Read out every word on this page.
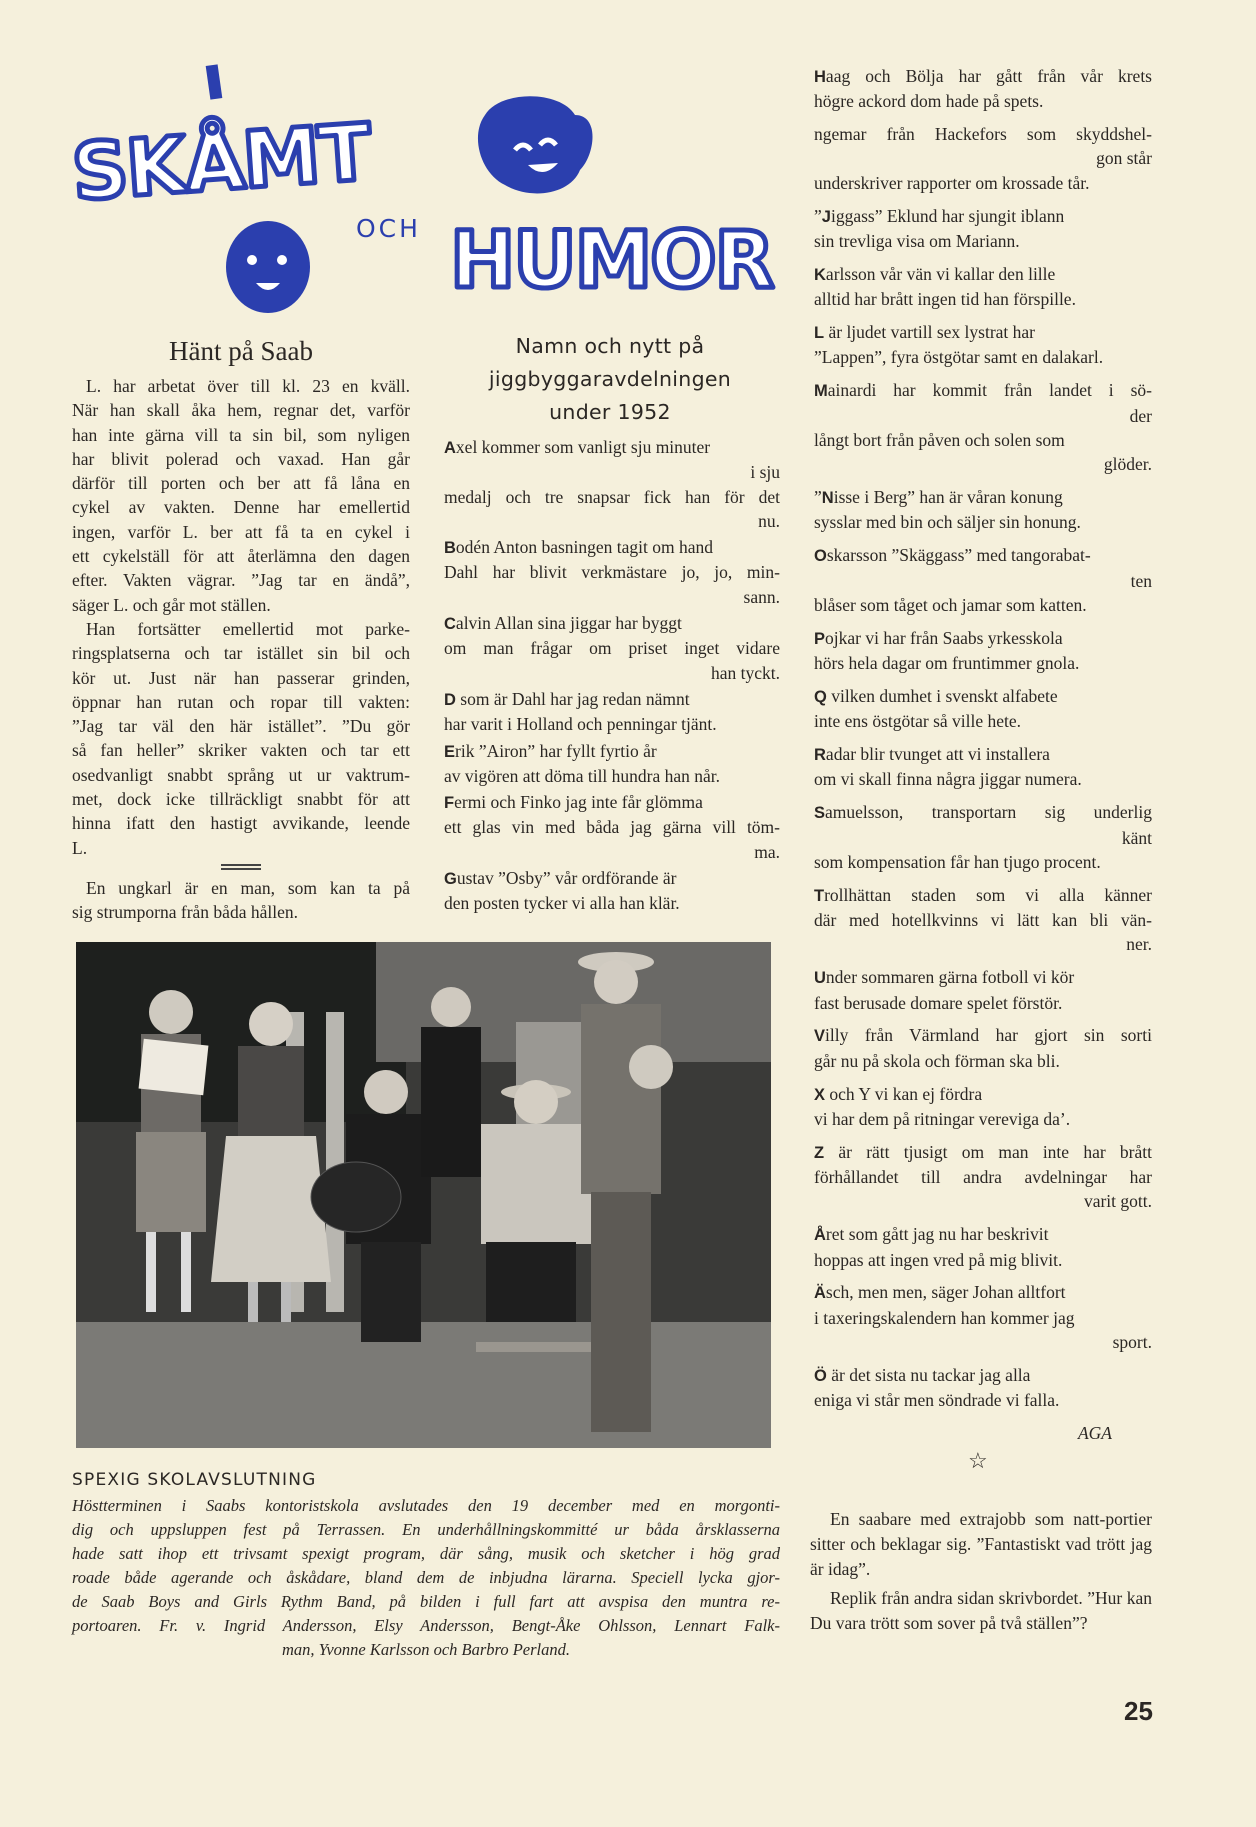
SKÅMT
HUMOR
OCH
Hänt på Saab
L. har arbetat över till kl. 23 en kväll.
När han skall åka hem, regnar det, varför
han inte gärna vill ta sin bil, som nyligen
har blivit polerad och vaxad. Han går
därför till porten och ber att få låna en
cykel av vakten. Denne har emellertid
ingen, varför L. ber att få ta en cykel i
ett cykelställ för att återlämna den dagen
efter. Vakten vägrar. ”Jag tar en ändå”,
säger L. och går mot ställen.
Han fortsätter emellertid mot parke-
ringsplatserna och tar istället sin bil och
kör ut. Just när han passerar grinden,
öppnar han rutan och ropar till vakten:
”Jag tar väl den här istället”. ”Du gör
så fan heller” skriker vakten och tar ett
osedvanligt snabbt språng ut ur vaktrum-
met, dock icke tillräckligt snabbt för att
hinna ifatt den hastigt avvikande, leende
L.
En ungkarl är en man, som kan ta på
sig strumporna från båda hållen.
Namn och nytt på
jiggbyggaravdelningen
under 1952
Axel kommer som vanligt sju minuter
i sju
medalj och tre snapsar fick han för det
nu.
Bodén Anton basningen tagit om hand
Dahl har blivit verkmästare jo, jo, min-
sann.
Calvin Allan sina jiggar har byggt
om man frågar om priset inget vidare
han tyckt.
D som är Dahl har jag redan nämnt
har varit i Holland och penningar tjänt.
Erik ”Airon” har fyllt fyrtio år
av vigören att döma till hundra han når.
Fermi och Finko jag inte får glömma
ett glas vin med båda jag gärna vill töm-
ma.
Gustav ”Osby” vår ordförande är
den posten tycker vi alla han klär.
Haag och Bölja har gått från vår krets
högre ackord dom hade på spets.
ngemar från Hackefors som skyddshel-
gon står
underskriver rapporter om krossade tår.
”Jiggass” Eklund har sjungit iblann
sin trevliga visa om Mariann.
Karlsson vår vän vi kallar den lille
alltid har brått ingen tid han förspille.
L är ljudet vartill sex lystrat har
”Lappen”, fyra östgötar samt en dalakarl.
Mainardi har kommit från landet i sö-
der
långt bort från påven och solen som
glöder.
”Nisse i Berg” han är våran konung
sysslar med bin och säljer sin honung.
Oskarsson ”Skäggass” med tangorabat-
ten
blåser som tåget och jamar som katten.
Pojkar vi har från Saabs yrkesskola
hörs hela dagar om fruntimmer gnola.
Q vilken dumhet i svenskt alfabete
inte ens östgötar så ville hete.
Radar blir tvunget att vi installera
om vi skall finna några jiggar numera.
Samuelsson, transportarn sig underlig
känt
som kompensation får han tjugo procent.
Trollhättan staden som vi alla känner
där med hotellkvinns vi lätt kan bli vän-
ner.
Under sommaren gärna fotboll vi kör
fast berusade domare spelet förstör.
Villy från Värmland har gjort sin sorti
går nu på skola och förman ska bli.
X och Y vi kan ej fördra
vi har dem på ritningar vereviga da’.
Z är rätt tjusigt om man inte har brått
förhållandet till andra avdelningar har
varit gott.
Året som gått jag nu har beskrivit
hoppas att ingen vred på mig blivit.
Äsch, men men, säger Johan alltfort
i taxeringskalendern han kommer jag
sport.
Ö är det sista nu tackar jag alla
eniga vi står men söndrade vi falla.
AGA
SPEXIG SKOLAVSLUTNING
Höstterminen i Saabs kontoristskola avslutades den 19 december med en morgonti-
dig och uppsluppen fest på Terrassen. En underhållningskommitté ur båda årsklasserna
hade satt ihop ett trivsamt spexigt program, där sång, musik och sketcher i hög grad
roade både agerande och åskådare, bland dem de inbjudna lärarna. Speciell lycka gjor-
de Saab Boys and Girls Rythm Band, på bilden i full fart att avspisa den muntra re-
portoaren. Fr. v. Ingrid Andersson, Elsy Andersson, Bengt-Åke Ohlsson, Lennart Falk-
man, Yvonne Karlsson och Barbro Perland.
☆

En saabare med extrajobb som natt-portier sitter och beklagar sig. ”Fantastiskt vad trött jag är idag”.

Replik från andra sidan skrivbordet. ”Hur kan Du vara trött som sover på två ställen”?

25
